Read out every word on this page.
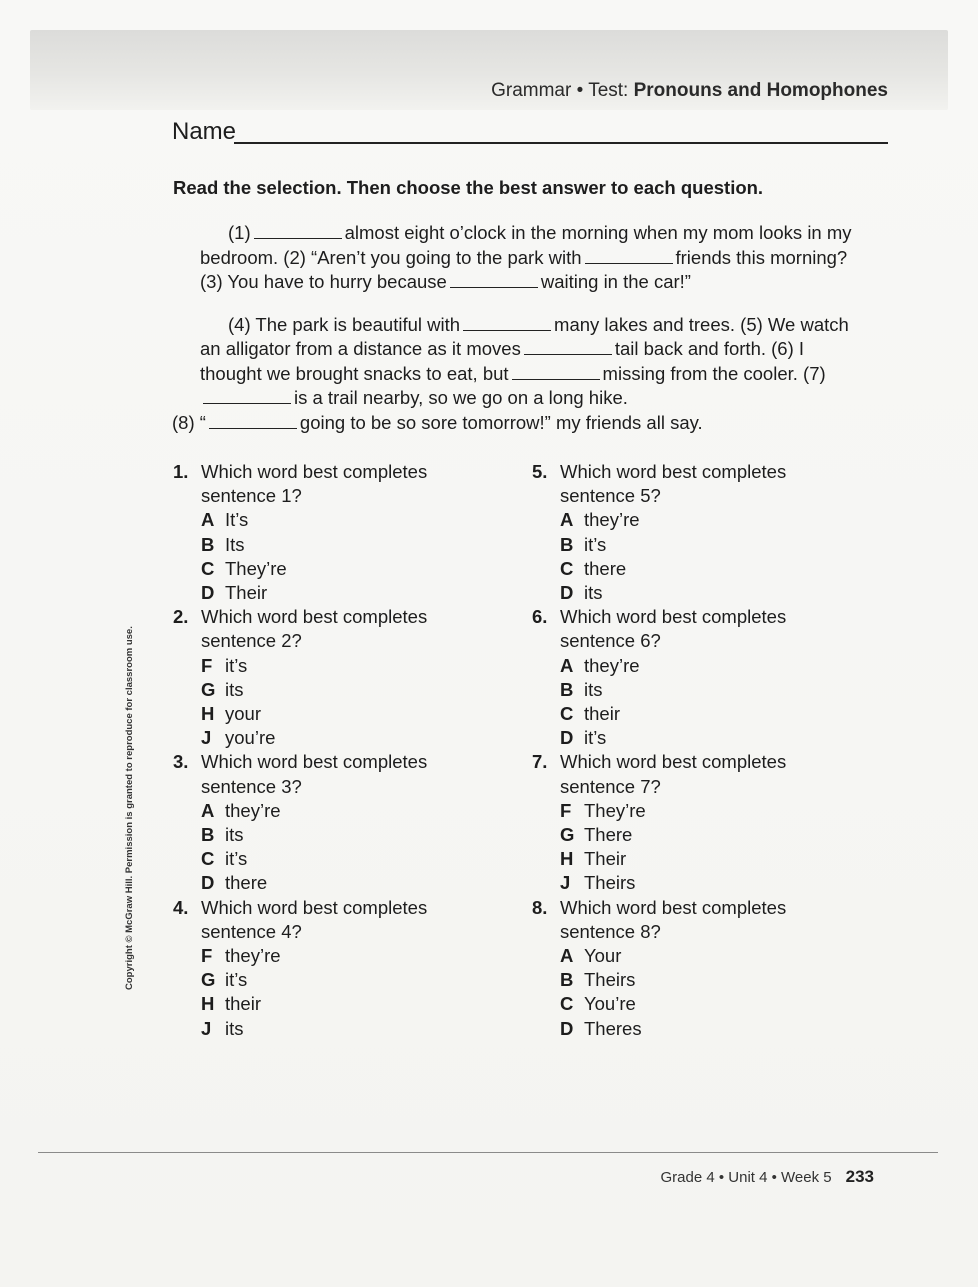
Grammar • Test: Pronouns and Homophones
Name
Read the selection. Then choose the best answer to each question.

(1)	almost eight o’clock in the morning when my mom looks in my bedroom. (2) “Aren’t you going to the park with	friends this morning? (3) You have to hurry because	waiting in the car!”

(4) The park is beautiful with	many lakes and trees. (5) We watch an alligator from a distance as it moves	tail back and forth. (6) I thought we brought snacks to eat, but	missing from the cooler. (7)is a trail nearby, so we go on a long hike.
(8) “	going to be so sore tomorrow!” my friends all say.

1. Which word best completes sentence 1?
A It’s
B Its
C They’re
D Their
2. Which word best completes sentence 2?
F it’s
G its
H your
J you’re
3. Which word best completes sentence 3?
A they’re
B its
C it’s
D there
4. Which word best completes sentence 4?
F they’re
G it’s
H their
J its
5. Which word best completes sentence 5?
A they’re
B it’s
C there
D its
6. Which word best completes sentence 6?
A they’re
B its
C their
D it’s
7. Which word best completes sentence 7?
F They’re
G There
H Their
J Theirs
8. Which word best completes sentence 8?
A Your
B Theirs
C You’re
D Theres
Copyright © McGraw Hill. Permission is granted to reproduce for classroom use.
Grade 4 • Unit 4 • Week 5 233
